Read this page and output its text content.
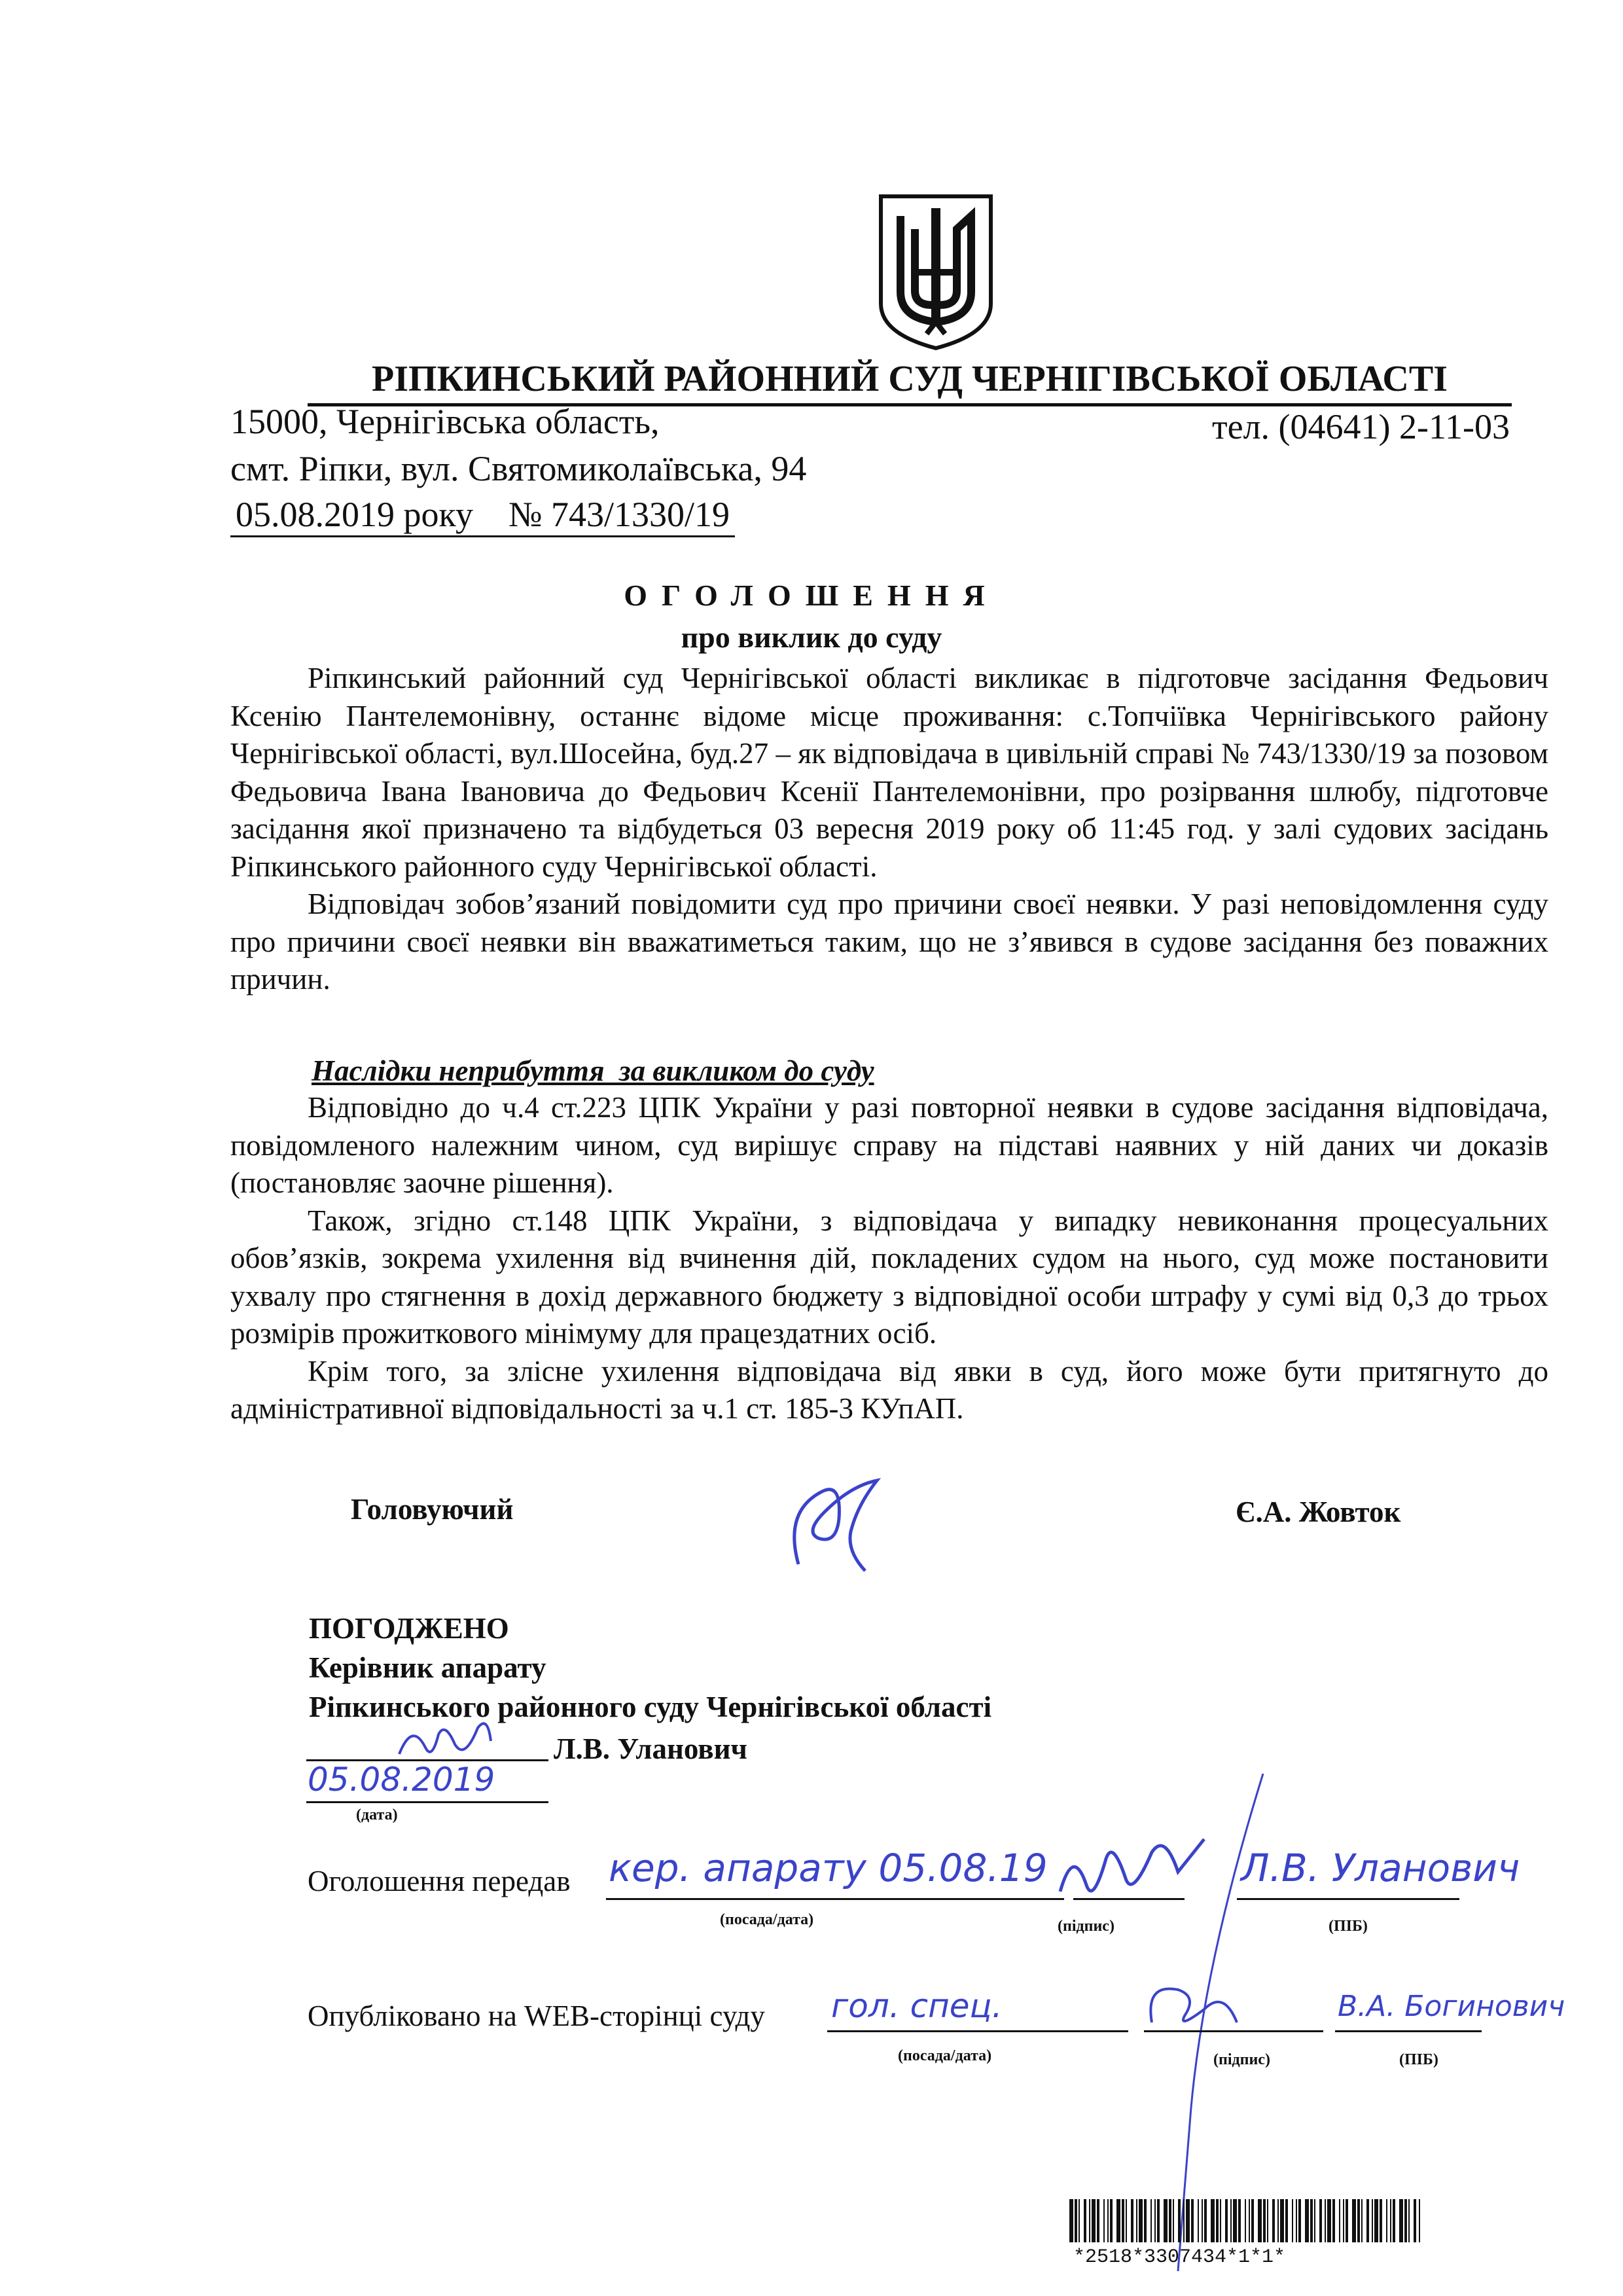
РІПКИНСЬКИЙ РАЙОННИЙ СУД ЧЕРНІГІВСЬКОЇ ОБЛАСТІ
15000, Чернігівська область,	тел. (04641) 2-11-03
смт. Ріпки, вул. Святомиколаївська, 94
05.08.2019 року    № 743/1330/19
ОГОЛОШЕННЯ
про виклик до суду

Ріпкинський районний суд Чернігівської області викликає в підготовче засідання Федьович Ксенію Пантелемонівну, останнє відоме місце проживання: с.Топчіївка Чернігівського району Чернігівської області, вул.Шосейна, буд.27 – як відповідача в цивільній справі № 743/1330/19 за позовом Федьовича Івана Івановича до Федьович Ксенії Пантелемонівни, про розірвання шлюбу, підготовче засідання якої призначено та відбудеться 03 вересня 2019 року об 11:45 год. у залі судових засідань Ріпкинського районного суду Чернігівської області.

Відповідач зобов’язаний повідомити суд про причини своєї неявки. У разі неповідомлення суду про причини своєї неявки він вважатиметься таким, що не з’явився в судове засідання без поважних причин.

Наслідки неприбуття  за викликом до суду

Відповідно до ч.4 ст.223 ЦПК України у разі повторної неявки в судове засідання відповідача, повідомленого належним чином, суд вирішує справу на підставі наявних у ній даних чи доказів (постановляє заочне рішення).

Також, згідно ст.148 ЦПК України, з відповідача у випадку невиконання процесуальних обов’язків, зокрема ухилення від вчинення дій, покладених судом на нього, суд може постановити ухвалу про стягнення в дохід державного бюджету з відповідної особи штрафу у сумі від 0,3 до трьох розмірів прожиткового мінімуму для працездатних осіб.

Крім того, за злісне ухилення відповідача від явки в суд, його може бути притягнуто до адміністративної відповідальності за ч.1 ст. 185-3 КУпАП.

Головуючий	Є.А. Жовток
ПОГОДЖЕНО
Керівник апарату
Ріпкинського районного суду Чернігівської області
Л.В. Уланович
05.08.2019
(дата)
Оголошення передав кер. апарату 05.08.19	Л.В. Уланович
(посада/дата)	(підпис)	(ПІБ)
Опубліковано на WEB-сторінці суду гол. спец.	В.А. Богинович
(посада/дата)	(підпис)	(ПІБ)
*2518*3307434*1*1*
